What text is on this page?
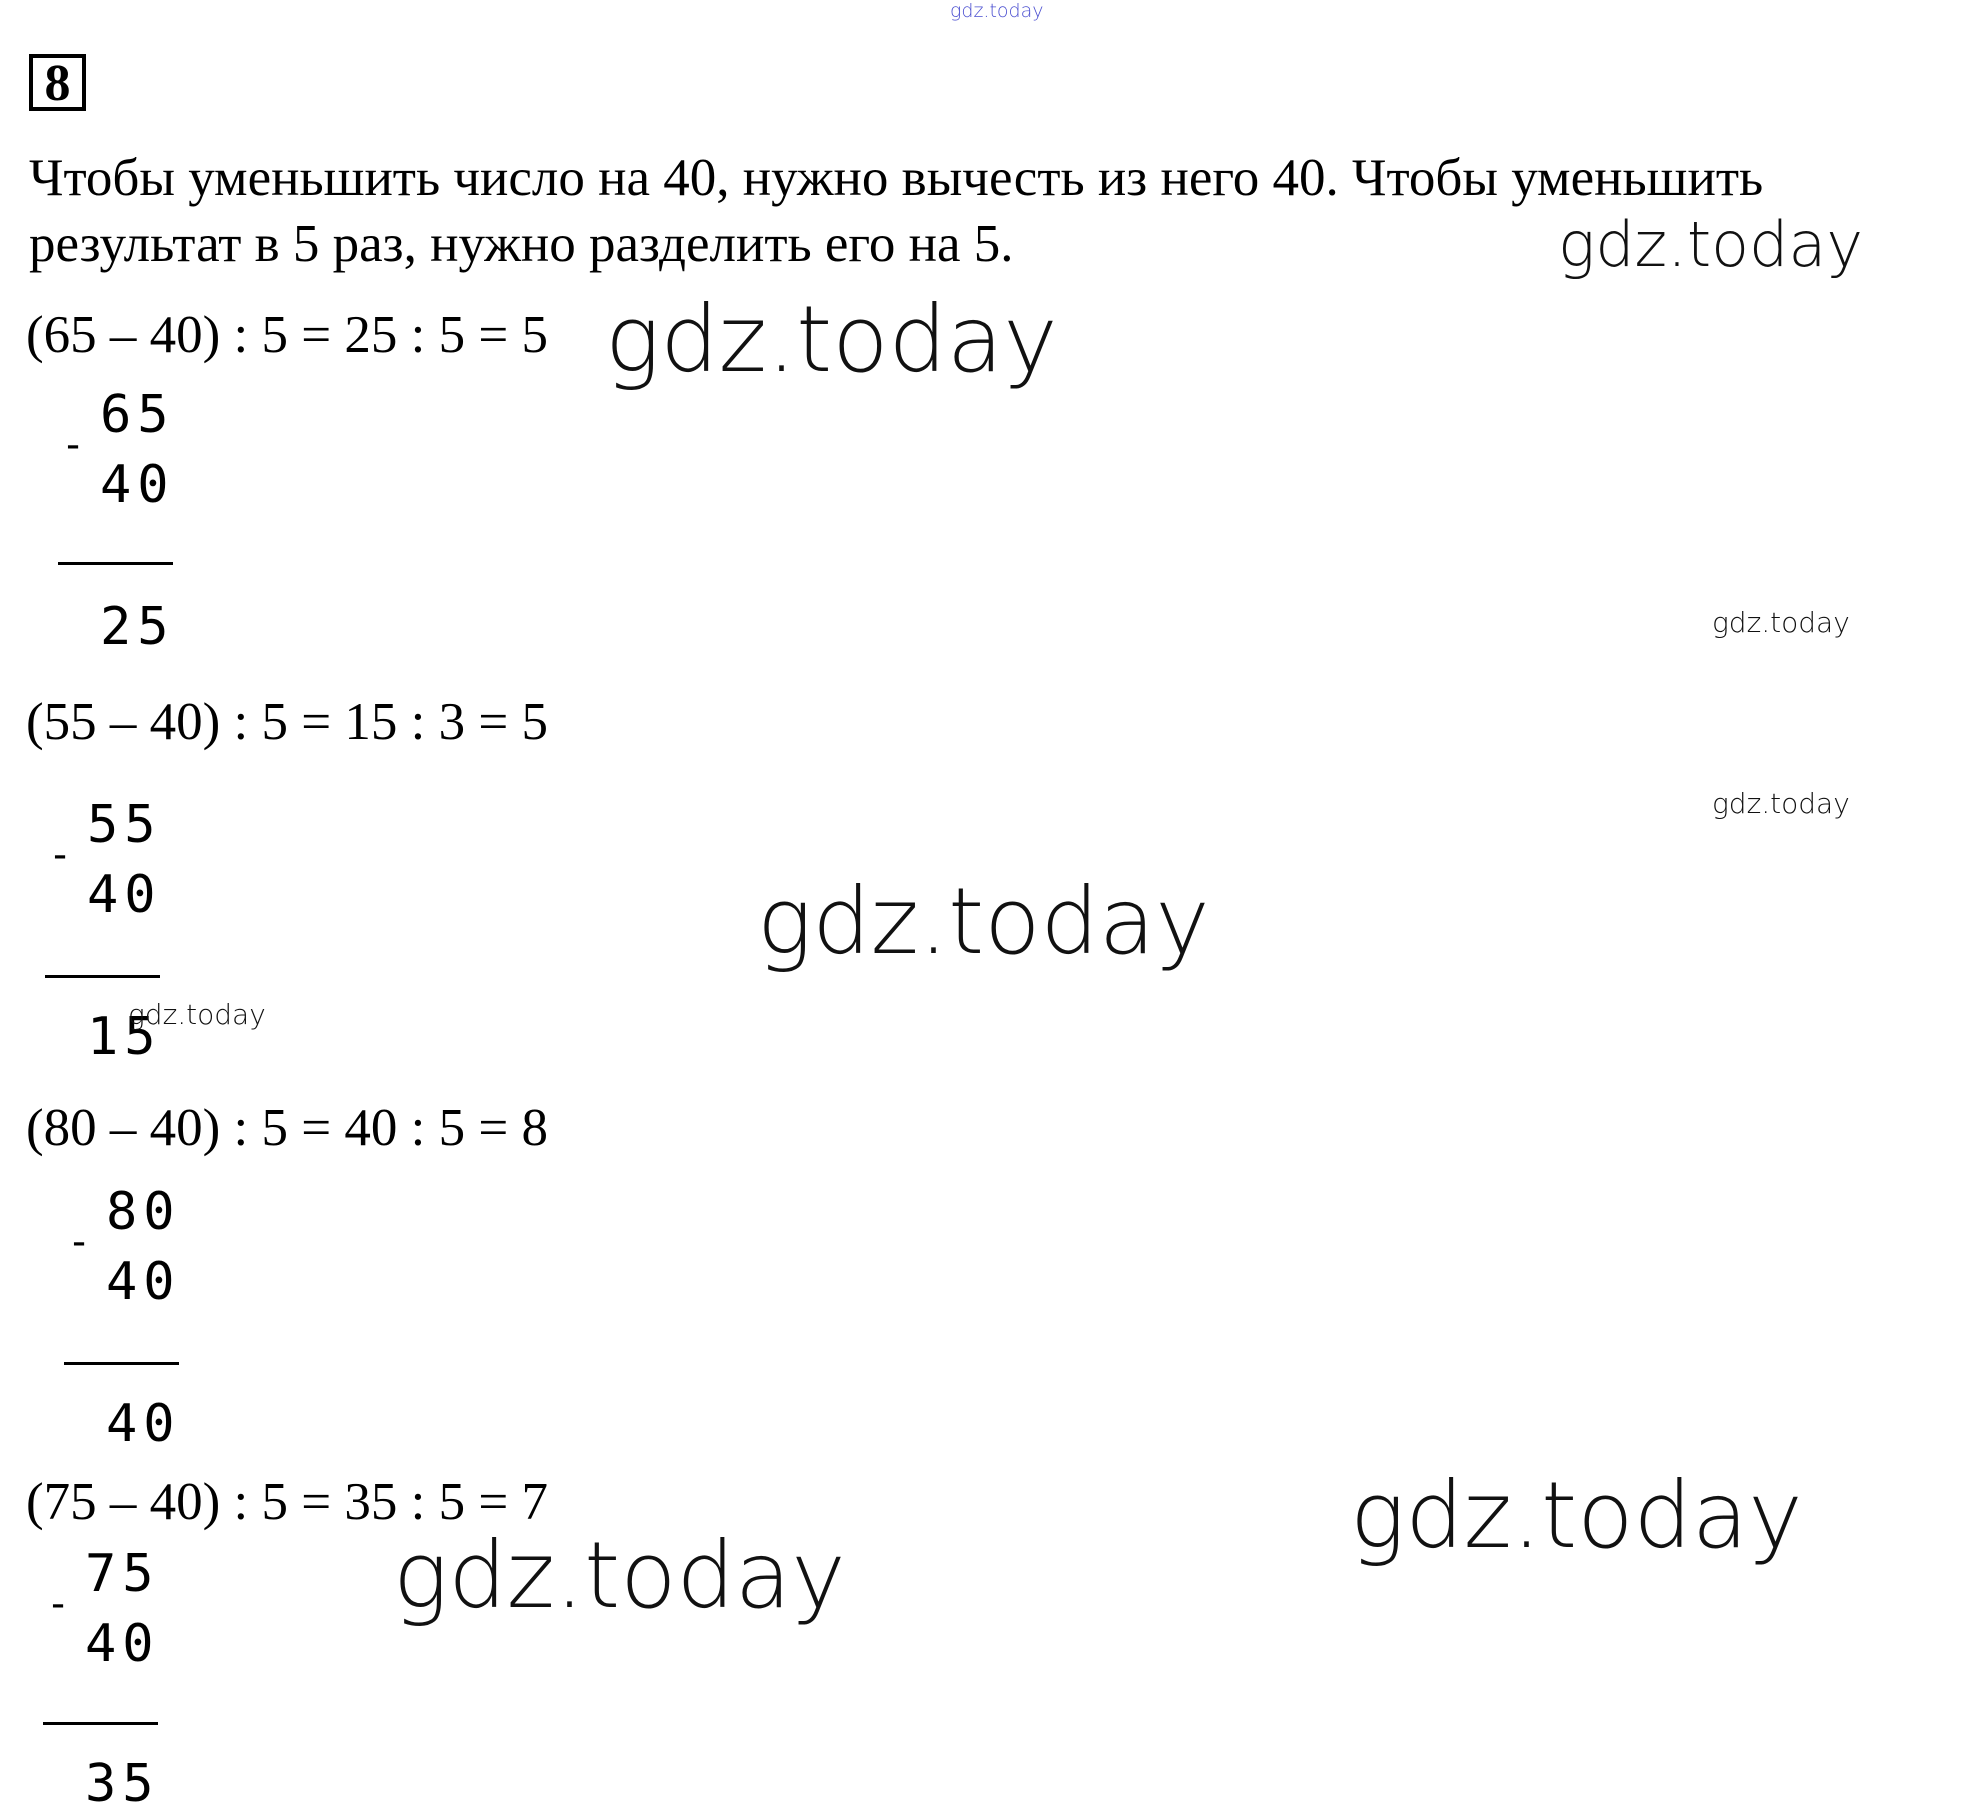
8
Чтобы уменьшить число на 40, нужно вычесть из него 40. Чтобы уменьшить
результат в 5 раз, нужно разделить его на 5.
(65 – 40) : 5 = 25 : 5 = 5
65
-
40
25
(55 – 40) : 5 = 15 : 3 = 5
55
-
40
15
(80 – 40) : 5 = 40 : 5 = 8
80
-
40
40
(75 – 40) : 5 = 35 : 5 = 7
75
-
40
35
gdz.today
gdz.today
gdz.today
gdz.today
gdz.today
gdz.today
gdz.today
gdz.today
gdz.today
